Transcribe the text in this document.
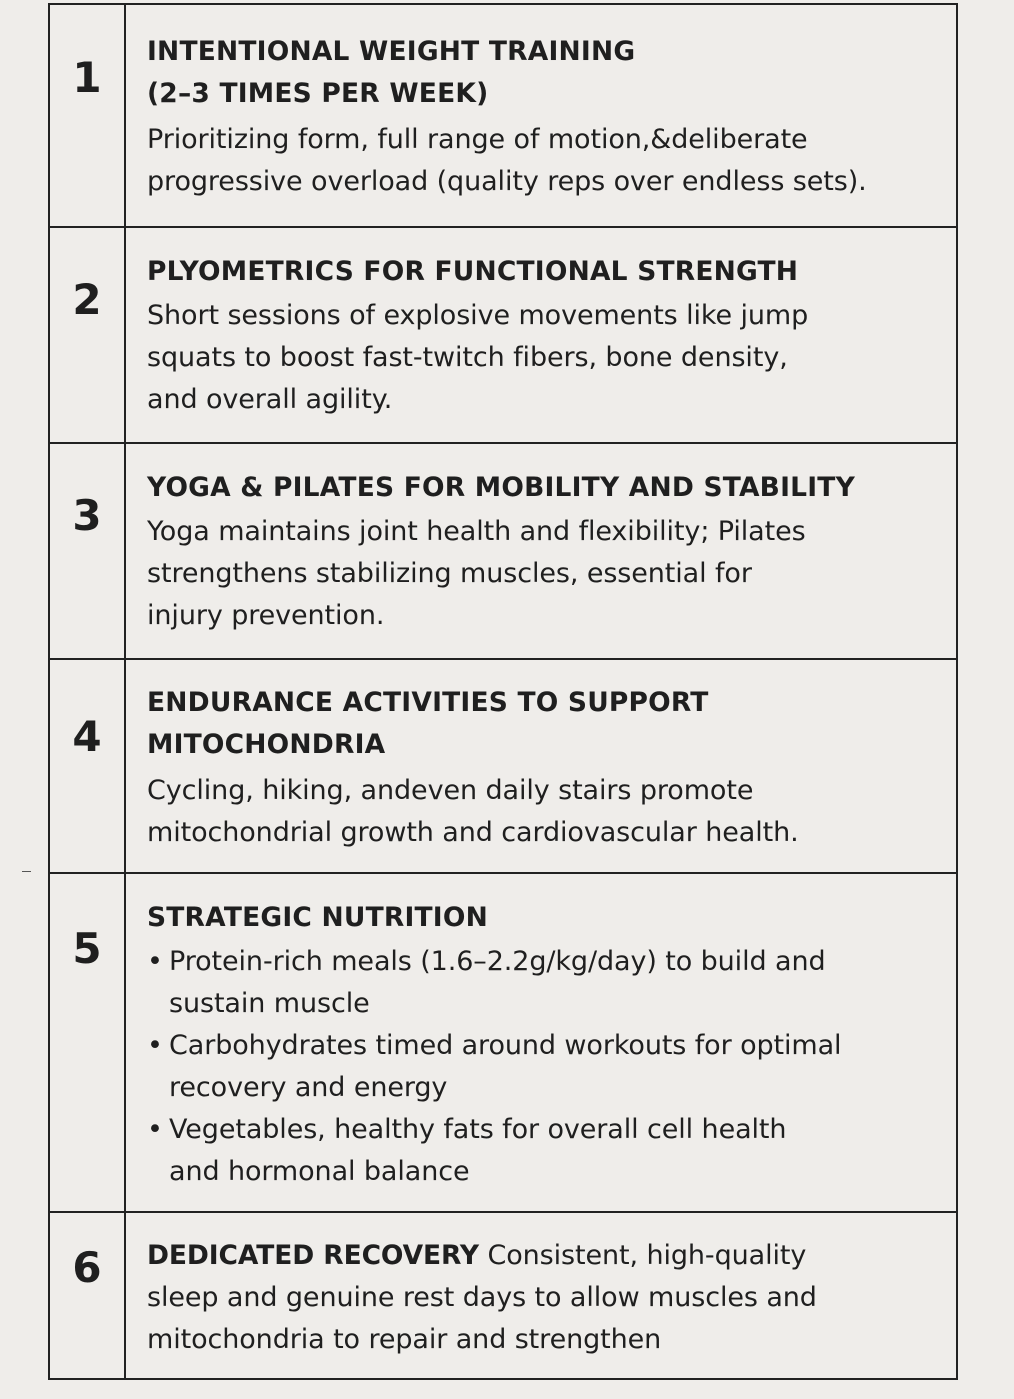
1

INTENTIONAL WEIGHT TRAINING
(2–3 TIMES PER WEEK)

Prioritizing form, full range of motion,&deliberate
progressive overload (quality reps over endless sets).

2

PLYOMETRICS FOR FUNCTIONAL STRENGTH

Short sessions of explosive movements like jump
squats to boost fast-twitch fibers, bone density,
and overall agility.

3

YOGA & PILATES FOR MOBILITY AND STABILITY

Yoga maintains joint health and flexibility; Pilates
strengthens stabilizing muscles, essential for
injury prevention.

4

ENDURANCE ACTIVITIES TO SUPPORT
MITOCHONDRIA

Cycling, hiking, andeven daily stairs promote
mitochondrial growth and cardiovascular health.

5

STRATEGIC NUTRITION

• Protein-rich meals (1.6–2.2g/kg/day) to build and
sustain muscle
• Carbohydrates timed around workouts for optimal
recovery and energy
• Vegetables, healthy fats for overall cell health
and hormonal balance
6	DEDICATED RECOVERY Consistent, high-quality
sleep and genuine rest days to allow muscles and
mitochondria to repair and strengthen
